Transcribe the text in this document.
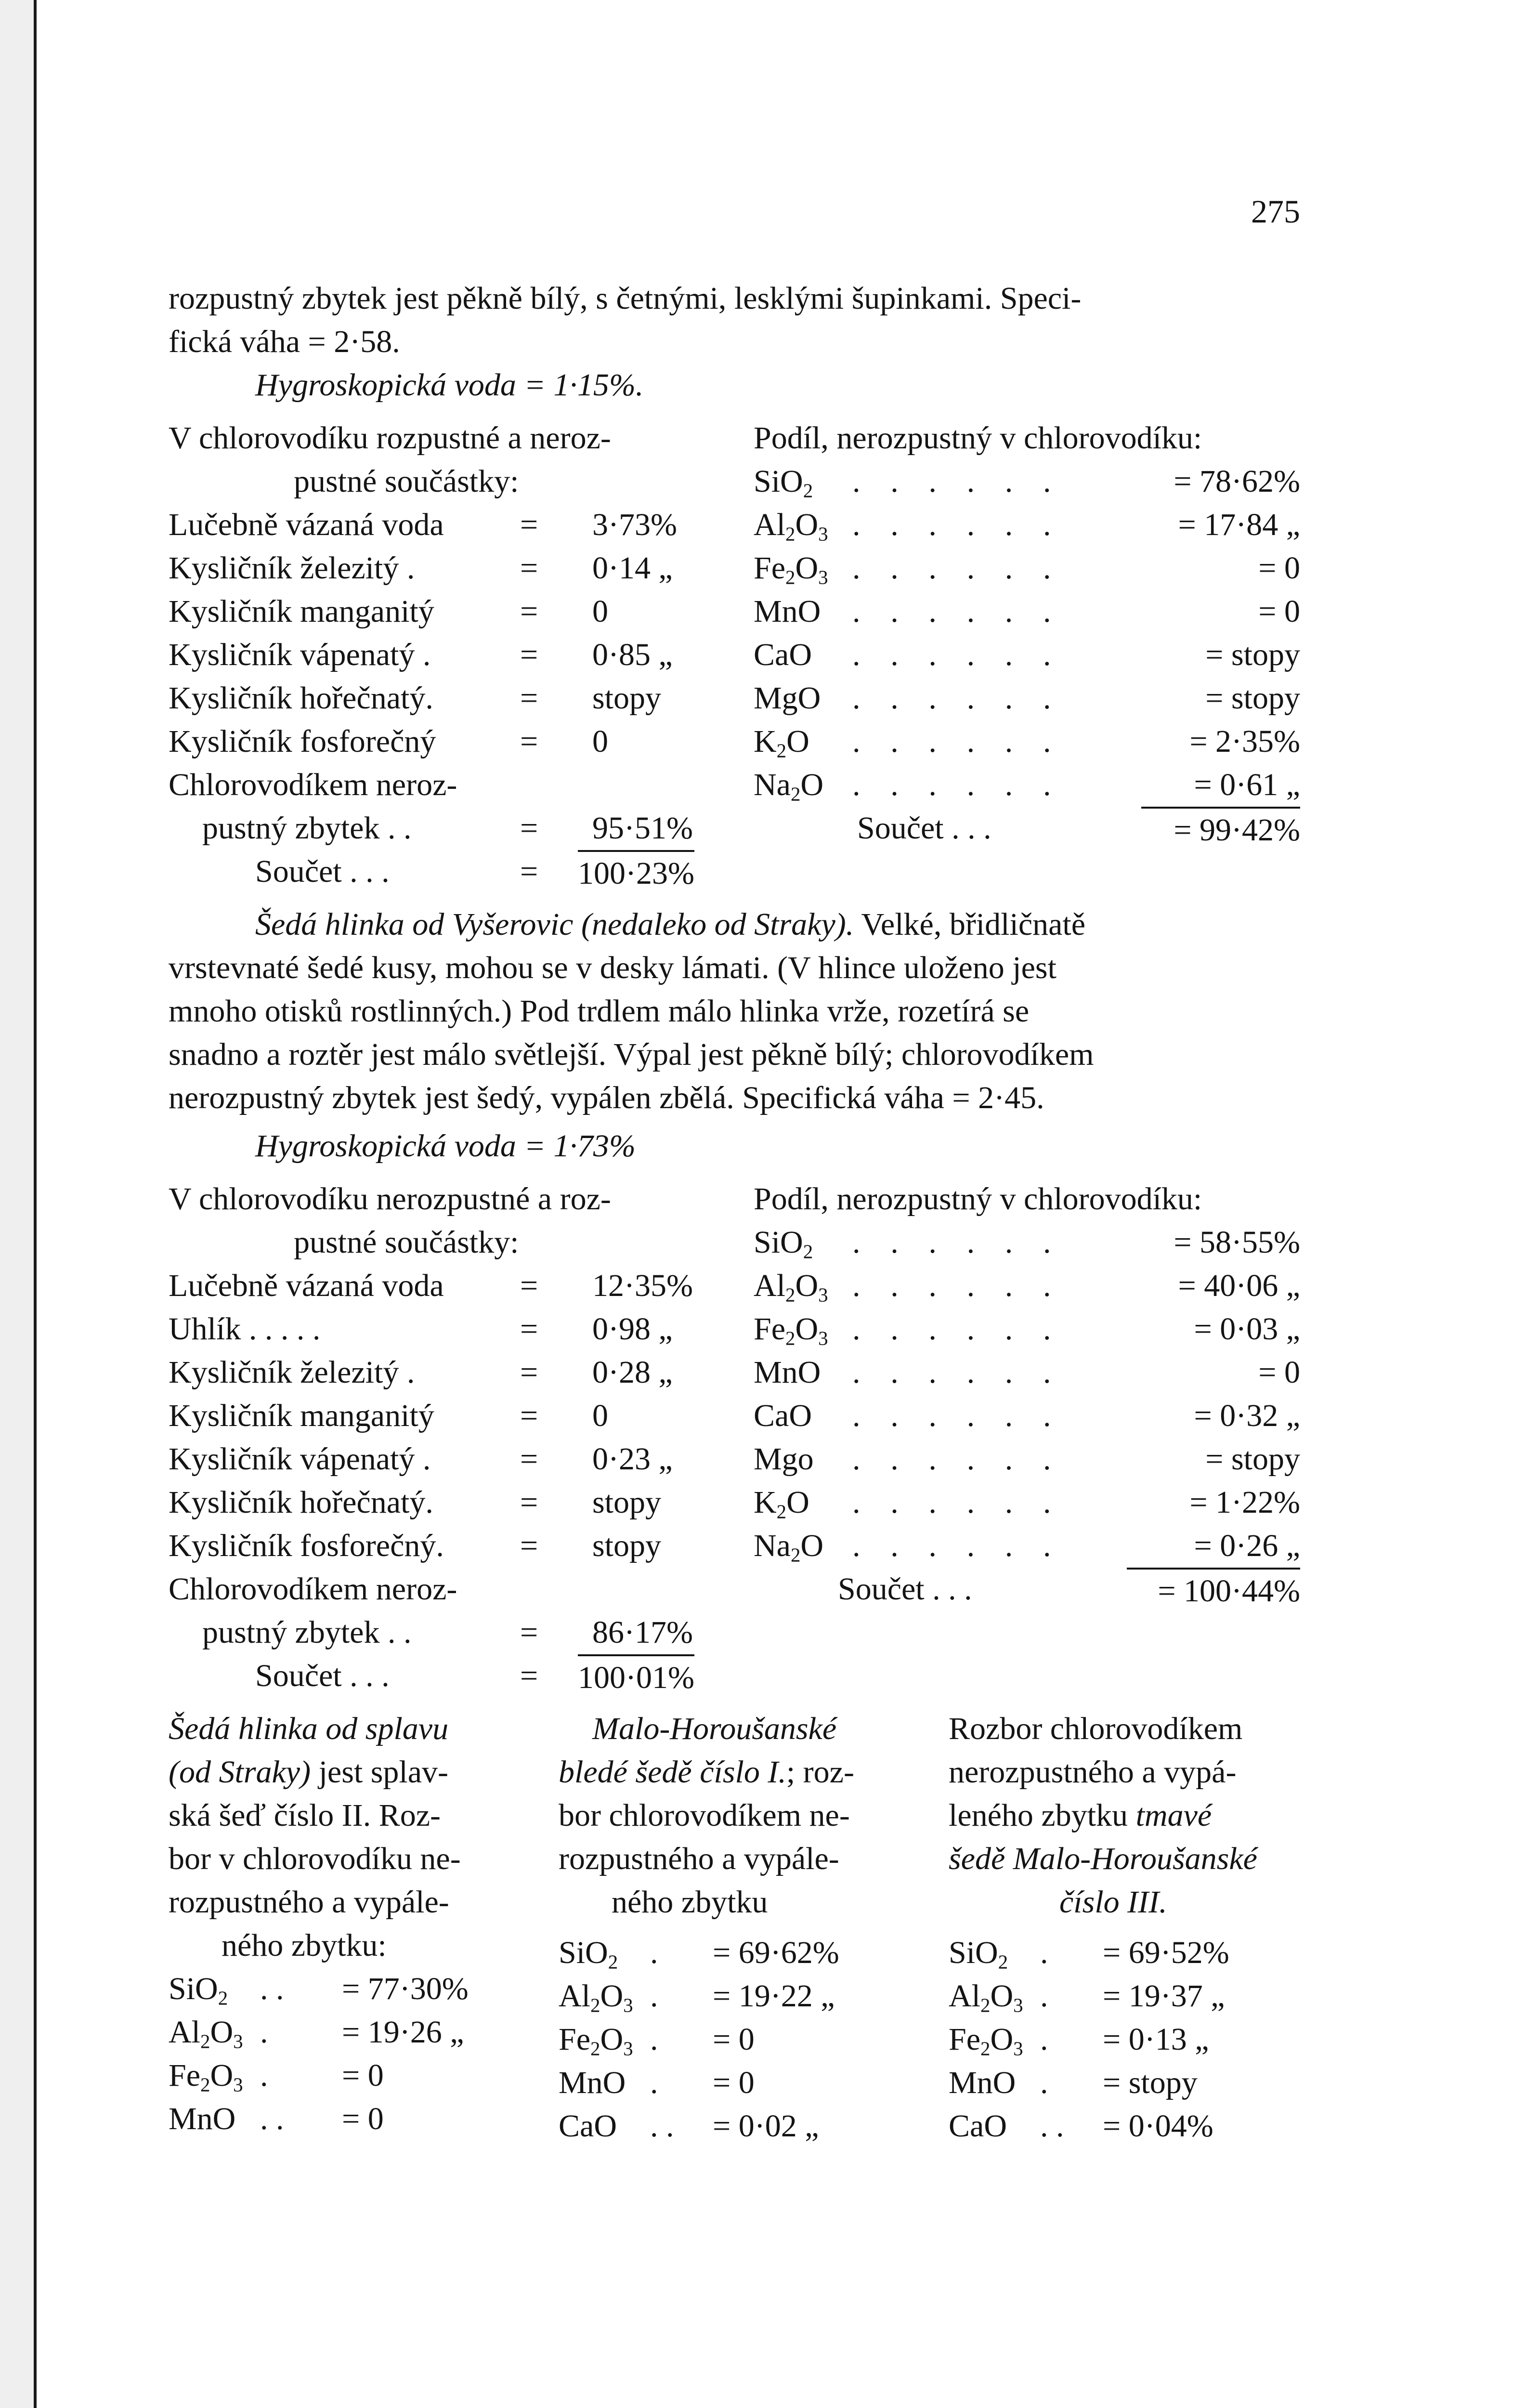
275
rozpustný zbytek jest pěkně bílý, s četnými, lesklými šupinkami. Speci-
fická váha = 2·58.
Hygroskopická voda = 1·15%.
V chlorovodíku rozpustné a neroz-
pustné součástky:
Lučebně vázaná voda = 3·73%
Kysličník železitý .	= 0·14 „
Kysličník manganitý	= 0
Kysličník vápenatý .	= 0·85 „
Kysličník hořečnatý.	= stopy
Kysličník fosforečný	= 0
Chlorovodíkem neroz-
pustný zbytek . .	= 95·51%
Součet . . .	= 100·23%
Podíl, nerozpustný v chlorovodíku:
SiO$_2$ . . . . . .	= 78·62%
$Al_2O_3$ . . . . . .	= 17·84 „
$Fe_2O_3$ . . . . . .	= 0
MnO . . . . . .	= 0
CaO . . . . . .	= stopy
MgO . . . . . .	= stopy
$K_2O$ . . . . . .	= 2·35%
$Na_2O$ . . . . . .	= 0·61 „
Součet . . .	= 99·42%
Šedá hlinka od Vyšerovic (nedaleko od Straky). Velké, břidličnatě
vrstevnaté šedé kusy, mohou se v desky lámati. (V hlince uloženo jest
mnoho otisků rostlinných.) Pod trdlem málo hlinka vrže, rozetírá se
snadno a roztěr jest málo světlejší. Výpal jest pěkně bílý; chlorovodíkem
nerozpustný zbytek jest šedý, vypálen zbělá. Specifická váha = 2·45.
Hygroskopická voda = 1·73%
V chlorovodíku nerozpustné a roz-
pustné součástky:
Lučebně vázaná voda = 12·35%
Uhlík . . . . .	= 0·98 „
Kysličník železitý .	= 0·28 „
Kysličník manganitý	= 0
Kysličník vápenatý .	= 0·23 „
Kysličník hořečnatý.	= stopy
Kysličník fosforečný. = stopy
Chlorovodíkem neroz-
pustný zbytek . .	= 86·17%
Součet . . .	= 100·01%
Podíl, nerozpustný v chlorovodíku:
SiO$_2$ . . . . . .	= 58·55%
$Al_2O_3$ . . . . . .	= 40·06 „
$Fe_2O_3$ . . . . . .	= 0·03 „
MnO . . . . . .	= 0
CaO . . . . . .	= 0·32 „
Mgo . . . . . .	= stopy
$K_2O$ . . . . . .	= 1·22%
$Na_2O$ . . . . . .	= 0·26 „
Součet . . .	= 100·44%
Šedá hlinka od splavu
(od Straky) jest splav-
ská šeď číslo II. Roz-
bor v chlorovodíku ne-
rozpustného a vypále-
ného zbytku:
SiO$_2$ . . = 77·30%
$Al_2O_3$ . = 19·26 „
$Fe_2O_3$ . = 0
MnO . . = 0
Malo-Horoušanské
bledé šedě číslo I.; roz-
bor chlorovodíkem ne-
rozpustného a vypále-
ného zbytku
SiO$_2$ . = 69·62%
$Al_2O_3$ . = 19·22 „
$Fe_2O_3$ . = 0
MnO . = 0
CaO . . = 0·02 „
Rozbor chlorovodíkem
nerozpustného a vypá-
leného zbytku tmavé
šedě Malo-Horoušanské
číslo III.
SiO$_2$ . = 69·52%
$Al_2O_3$ . = 19·37 „
$Fe_2O_3$ . = 0·13 „
MnO . = stopy
CaO . . = 0·04%
